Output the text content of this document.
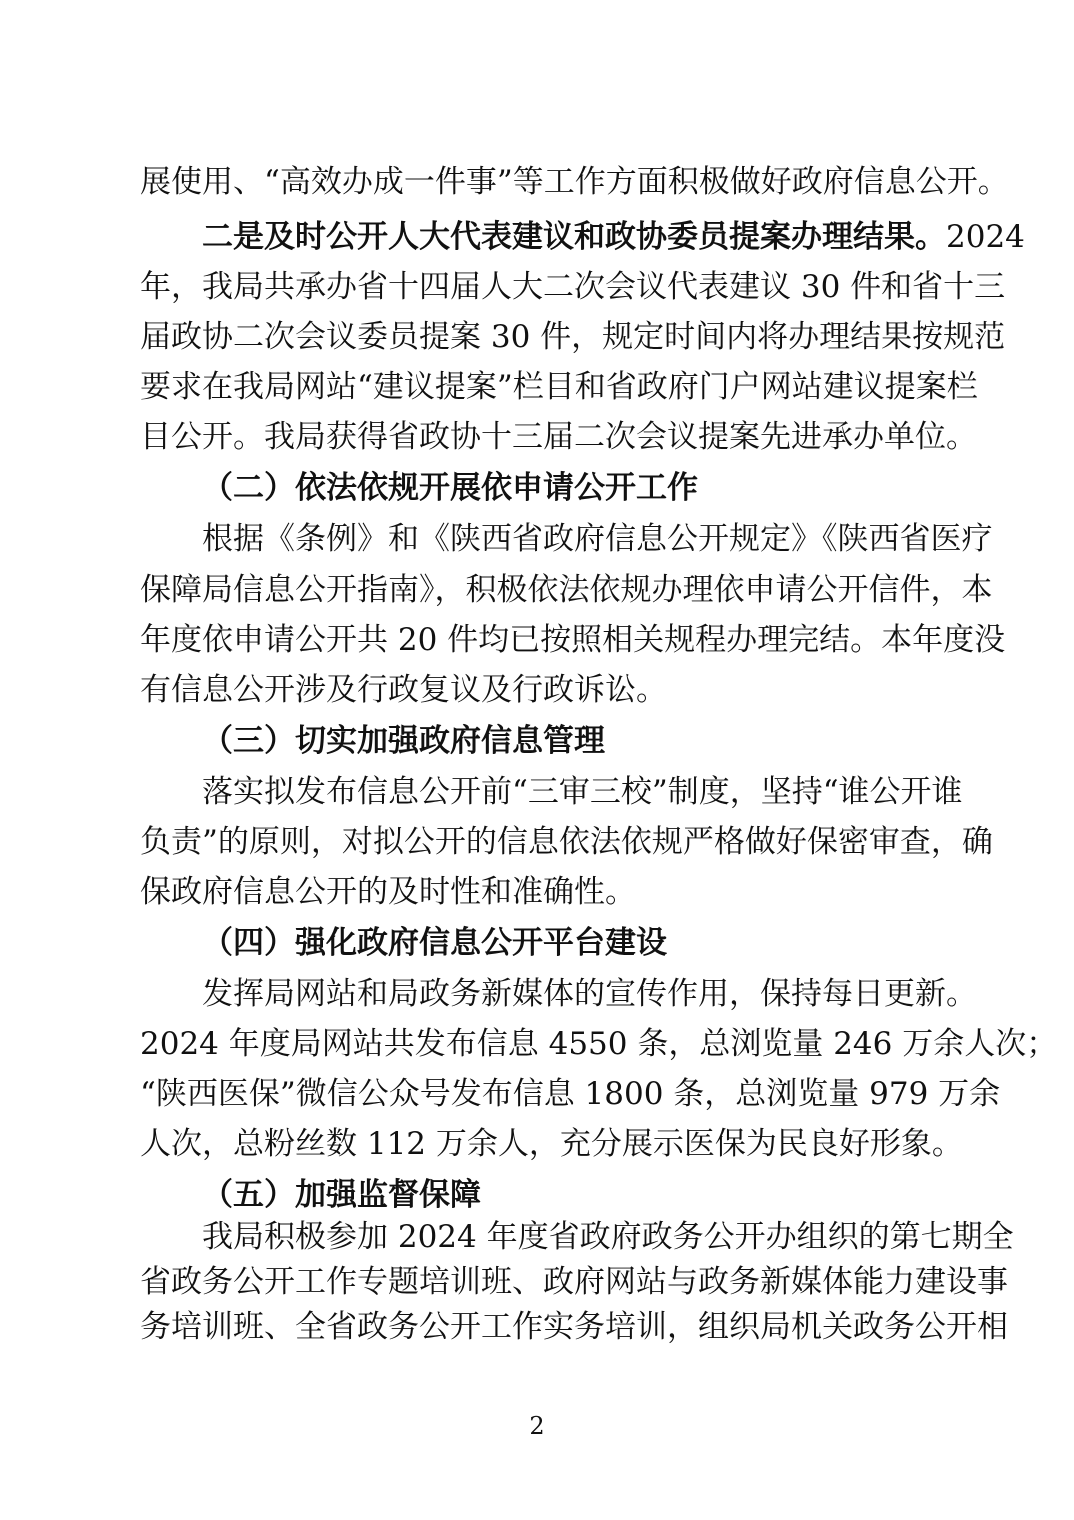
展使用、“高效办成一件事”等工作方面积极做好政府信息公开。
二是及时公开人大代表建议和政协委员提案办理结果。2024
年，我局共承办省十四届人大二次会议代表建议 30 件和省十三
届政协二次会议委员提案 30 件，规定时间内将办理结果按规范
要求在我局网站“建议提案”栏目和省政府门户网站建议提案栏
目公开。我局获得省政协十三届二次会议提案先进承办单位。
（二）依法依规开展依申请公开工作
根据《条例》和《陕西省政府信息公开规定》《陕西省医疗
保障局信息公开指南》，积极依法依规办理依申请公开信件，本
年度依申请公开共 20 件均已按照相关规程办理完结。本年度没
有信息公开涉及行政复议及行政诉讼。
（三）切实加强政府信息管理
落实拟发布信息公开前“三审三校”制度，坚持“谁公开谁
负责”的原则，对拟公开的信息依法依规严格做好保密审查，确
保政府信息公开的及时性和准确性。
（四）强化政府信息公开平台建设
发挥局网站和局政务新媒体的宣传作用，保持每日更新。
2024 年度局网站共发布信息 4550 条，总浏览量 246 万余人次；
“陕西医保”微信公众号发布信息 1800 条，总浏览量 979 万余
人次，总粉丝数 112 万余人，充分展示医保为民良好形象。
（五）加强监督保障
我局积极参加 2024 年度省政府政务公开办组织的第七期全
省政务公开工作专题培训班、政府网站与政务新媒体能力建设事
务培训班、全省政务公开工作实务培训，组织局机关政务公开相
2
